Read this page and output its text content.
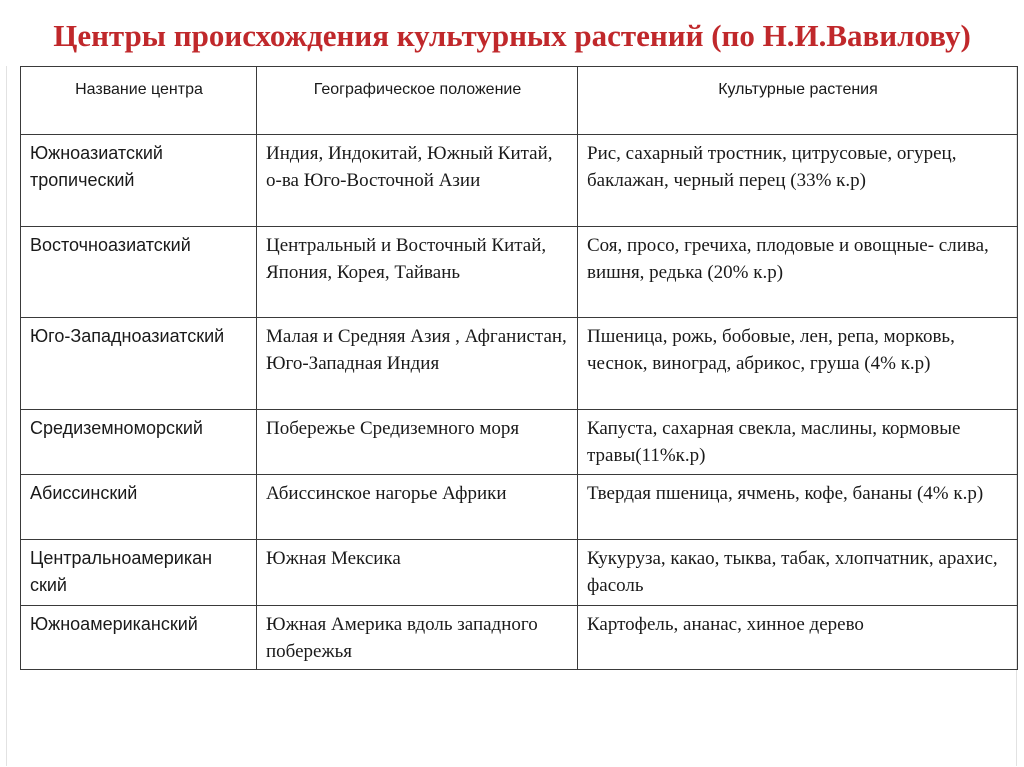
Центры происхождения культурных растений (по Н.И.Вавилову)
Название центра	Географическое положение	Культурные растения
Южноазиатский тропический	Индия, Индокитай, Южный Китай, о-ва Юго-Восточной Азии	Рис, сахарный тростник, цитрусовые, огурец, баклажан, черный перец (33% к.р)
Восточноазиатский	Центральный и Восточный Китай, Япония, Корея, Тайвань	Соя, просо, гречиха, плодовые и овощные- слива, вишня, редька (20% к.р)
Юго-Западноазиатский	Малая и Средняя Азия , Афганистан, Юго-Западная Индия	Пшеница, рожь, бобовые, лен, репа, морковь, чеснок, виноград, абрикос, груша (4% к.р)
Средиземноморский	Побережье Средиземного моря	Капуста, сахарная свекла, маслины, кормовые травы(11%к.р)
Абиссинский	Абиссинское нагорье Африки	Твердая пшеница, ячмень, кофе, бананы (4% к.р)
Центральноамерикан ский	Южная Мексика	Кукуруза, какао, тыква, табак, хлопчатник, арахис, фасоль
Южноамериканский	Южная Америка вдоль западного побережья	Картофель, ананас, хинное дерево
